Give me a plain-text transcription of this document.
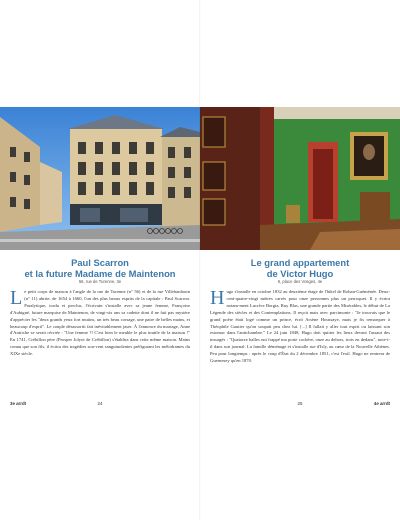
Paul Scarron
et la future Madame de Maintenon
56, rue de Turenne, 3e
Le petit corps de maison à l'angle de la rue de Turenne (n° 56) et de la rue Villehardouin (n° 11) abrite, de 1654 à 1660, l'un des plus beaux esprits de la capitale : Paul Scarron. Paralytique, tordu et perclus, l'écrivain s'installe avec sa jeune femme, Françoise d'Aubigné, future marquise de Maintenon, de vingt-six ans sa cadette dont il ne fait pas mystère d'apprécier les "deux grands yeux fort mutins, un très beau corsage, une paire de belles mains, et beaucoup d'esprit". Le couple désassortit fait inévitablement jaser. À l'annonce du mariage, Anne d'Autriche se serait récriée : "Une femme ?! C'est bien le meuble le plus inutile de la maison !" En 1741, Crébillon père (Prosper Jolyot de Crébillon) s'établira dans cette même maison. Mains connu que son fils, il écrira des tragédies sou-vent sanguinolentes préfigurant les mélodrames du XIXe siècle.
3e arrdt	24
Le grand appartement
de Victor Hugo
6, place des Vosges, 4e
Hugo s'installe en octobre 1832 au deuxième étage de l'hôtel de Rohan-Guéménée. Deux-cent-quatre-vingt mètres carrés pour onze personnes plus un perroquet. Il y écrira notam-ment Lucrèce Borgia, Ruy Blas, une grande partie des Misérables, le début de La Légende des siècles et des Contemplations. Il reçoit mais avec parcimonie : "Je trouvais que le grand poète était logé comme un prince, écrit Arsène Houssaye, mais je fis remarquer à Théophile Gautier qu'on soupait peu chez lui. [...] Il fallait y aller tout esprit ou laissant son estomac dans l'antichambre." Le 24 juin 1848, Hugo doit quitter les lieux devant l'assaut des insurgés : "Quatorze balles ont frappé ma porte cochère, onze au dehors, trois en dedans", note-t-il dans son journal. La famille déménage et s'installe rue d'Isly, au cœur de la Nouvelle Athènes. Peu pour longtemps : après le coup d'État du 2 décembre 1851, c'est l'exil. Hugo ne rentrera de Guernesey qu'en 1870.
25	4e arrdt
